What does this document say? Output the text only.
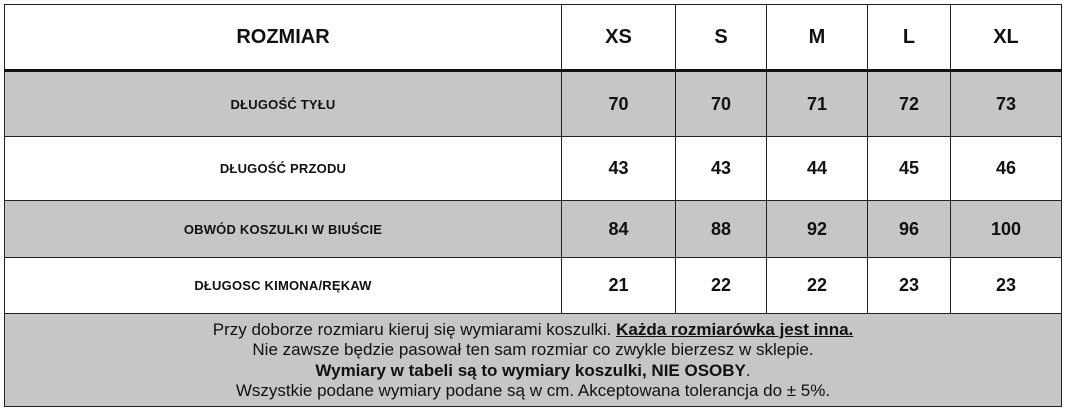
ROZMIAR	XS	S	M	L	XL
DŁUGOŚĆ TYŁU	70	70	71	72	73
DŁUGOŚĆ PRZODU	43	43	44	45	46
OBWÓD KOSZULKI W BIUŚCIE	84	88	92	96	100
DŁUGOSC KIMONA/RĘKAW	21	22	22	23	23

Przy doborze rozmiaru kieruj się wymiarami koszulki. Każda rozmiarówka jest inna.
Nie zawsze będzie pasował ten sam rozmiar co zwykle bierzesz w sklepie.
Wymiary w tabeli są to wymiary koszulki, NIE OSOBY.
Wszystkie podane wymiary podane są w cm. Akceptowana tolerancja do ± 5%.					
